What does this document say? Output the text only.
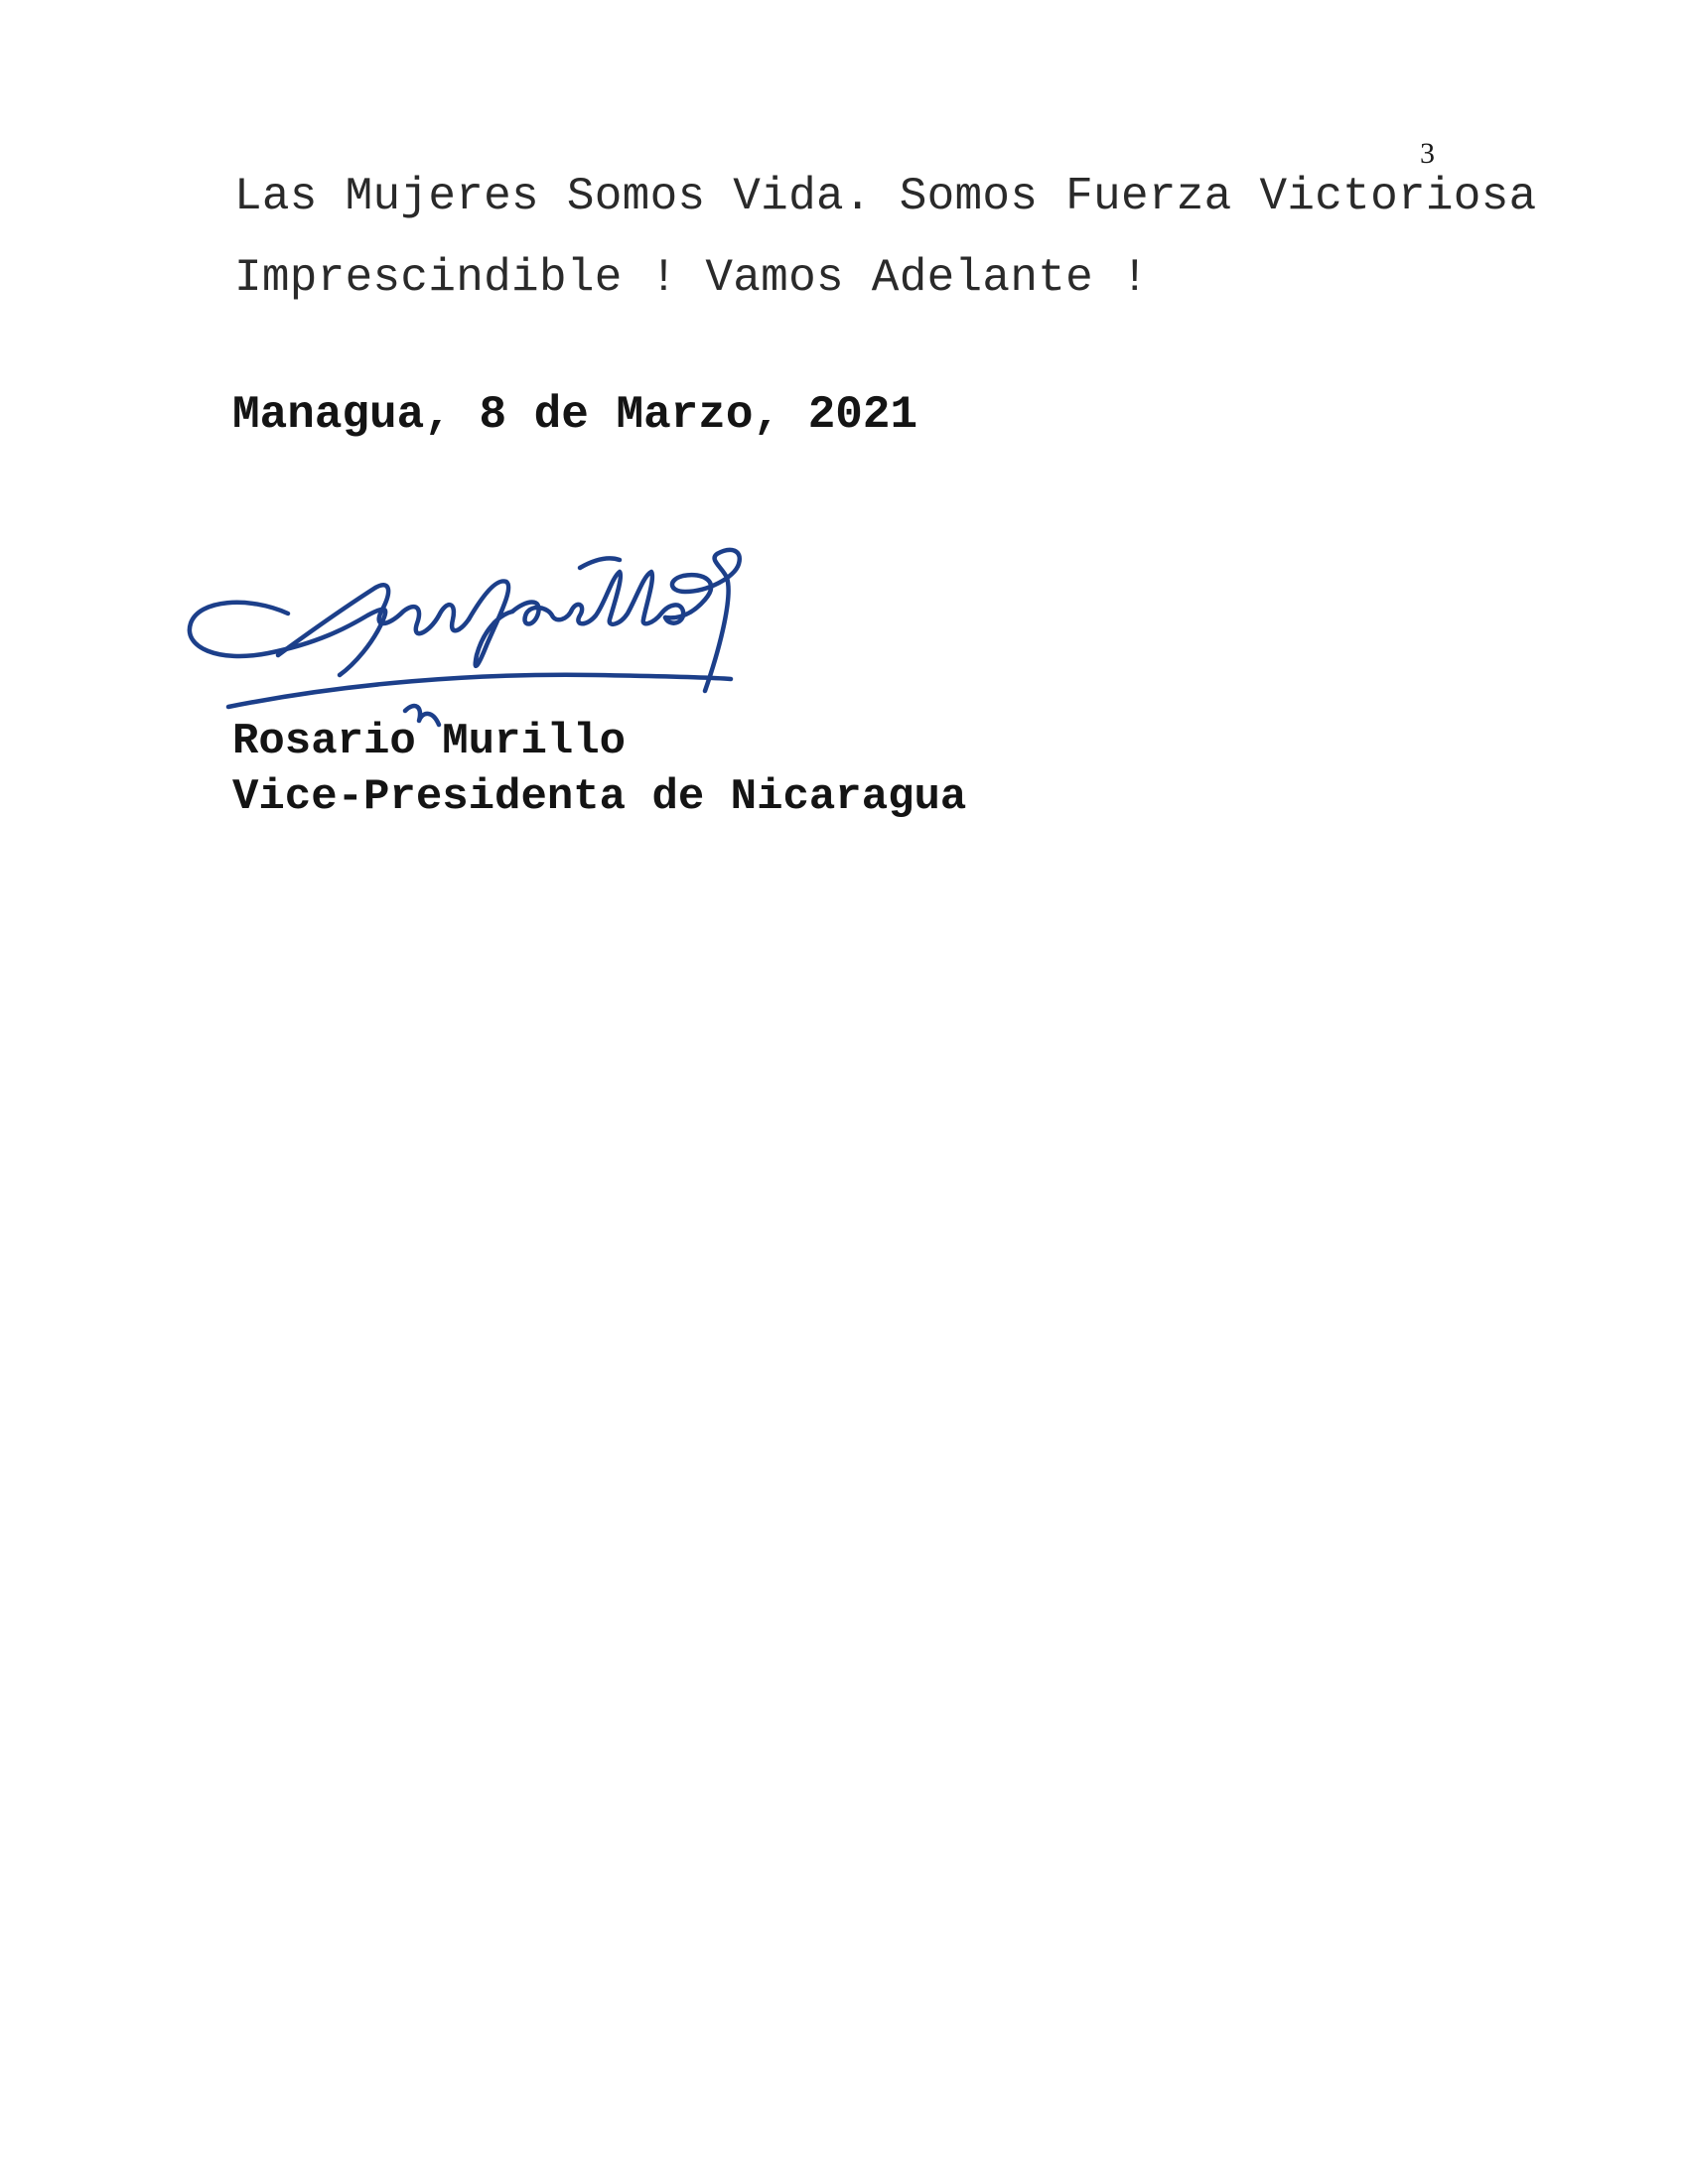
3
Las Mujeres Somos Vida. Somos Fuerza Victoriosa
Imprescindible ! Vamos Adelante !
Managua, 8 de Marzo, 2021
Rosario Murillo
Vice-Presidenta de Nicaragua
